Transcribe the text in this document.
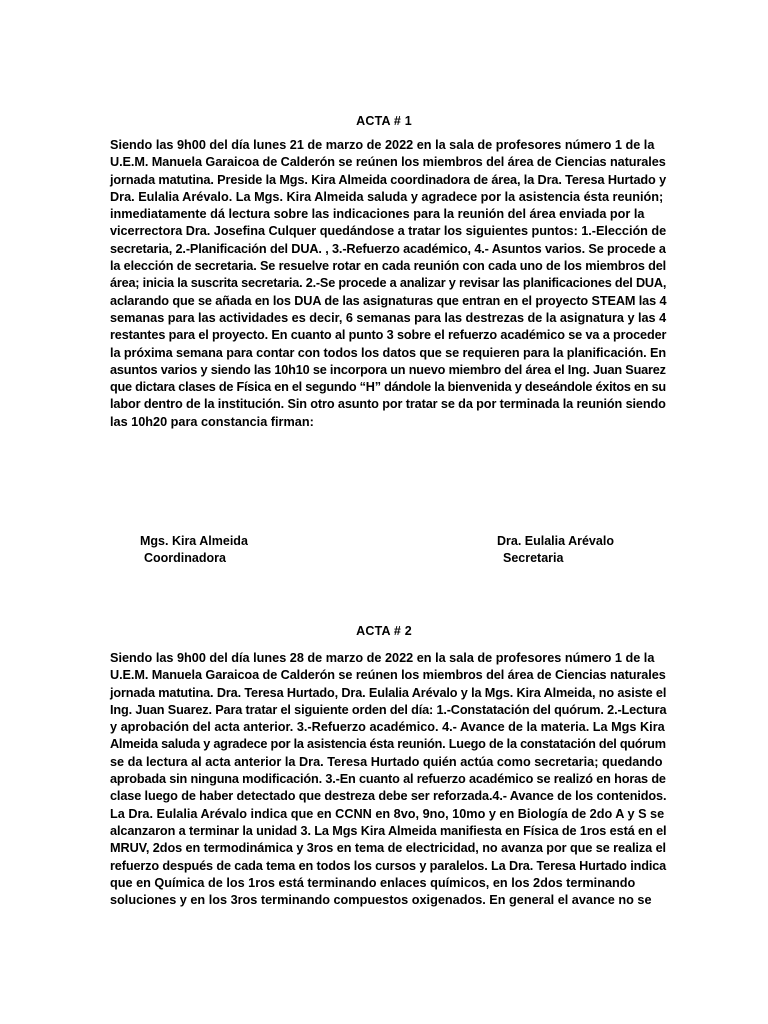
ACTA # 1

Siendo las 9h00 del día lunes 21 de marzo de 2022 en la sala de profesores número 1 de la
U.E.M. Manuela Garaicoa de Calderón se reúnen los miembros del área de Ciencias naturales
jornada matutina. Preside la Mgs. Kira Almeida coordinadora de área, la Dra. Teresa Hurtado y
Dra. Eulalia Arévalo. La Mgs. Kira Almeida saluda y agradece por la asistencia ésta reunión;
inmediatamente dá lectura sobre las indicaciones para la reunión del área enviada por la
vicerrectora Dra. Josefina Culquer quedándose a tratar los siguientes puntos: 1.-Elección de
secretaria, 2.-Planificación del DUA. , 3.-Refuerzo académico, 4.- Asuntos varios. Se procede a
la elección de secretaria. Se resuelve rotar en cada reunión con cada uno de los miembros del
área; inicia la suscrita secretaria. 2.-Se procede a analizar y revisar las planificaciones del DUA,
aclarando que se añada en los DUA de las asignaturas que entran en el proyecto STEAM las 4
semanas para las actividades es decir, 6 semanas para las destrezas de la asignatura y las 4
restantes para el proyecto. En cuanto al punto 3 sobre el refuerzo académico se va a proceder
la próxima semana para contar con todos los datos que se requieren para la planificación. En
asuntos varios y siendo las 10h10 se incorpora un nuevo miembro del área el Ing. Juan Suarez
que dictara clases de Física en el segundo “H” dándole la bienvenida y deseándole éxitos en su
labor dentro de la institución. Sin otro asunto por tratar se da por terminada la reunión siendo
las 10h20 para constancia firman:

Mgs. Kira Almeida
Coordinadora
Dra. Eulalia Arévalo
Secretaria
ACTA # 2

Siendo las 9h00 del día lunes 28 de marzo de 2022 en la sala de profesores número 1 de la
U.E.M. Manuela Garaicoa de Calderón se reúnen los miembros del área de Ciencias naturales
jornada matutina. Dra. Teresa Hurtado, Dra. Eulalia Arévalo y la Mgs. Kira Almeida, no asiste el
Ing. Juan Suarez. Para tratar el siguiente orden del día: 1.-Constatación del quórum. 2.-Lectura
y aprobación del acta anterior. 3.-Refuerzo académico. 4.- Avance de la materia. La Mgs Kira
Almeida saluda y agradece por la asistencia ésta reunión. Luego de la constatación del quórum
se da lectura al acta anterior la Dra. Teresa Hurtado quién actúa como secretaria; quedando
aprobada sin ninguna modificación. 3.-En cuanto al refuerzo académico se realizó en horas de
clase luego de haber detectado que destreza debe ser reforzada.4.- Avance de los contenidos.
La Dra. Eulalia Arévalo indica que en CCNN en 8vo, 9no, 10mo y en Biología de 2do A y S se
alcanzaron a terminar la unidad 3. La Mgs Kira Almeida manifiesta en Física de 1ros está en el
MRUV, 2dos en termodinámica y 3ros en tema de electricidad, no avanza por que se realiza el
refuerzo después de cada tema en todos los cursos y paralelos. La Dra. Teresa Hurtado indica
que en Química de los 1ros está terminando enlaces químicos, en los 2dos terminando
soluciones y en los 3ros terminando compuestos oxigenados. En general el avance no se
